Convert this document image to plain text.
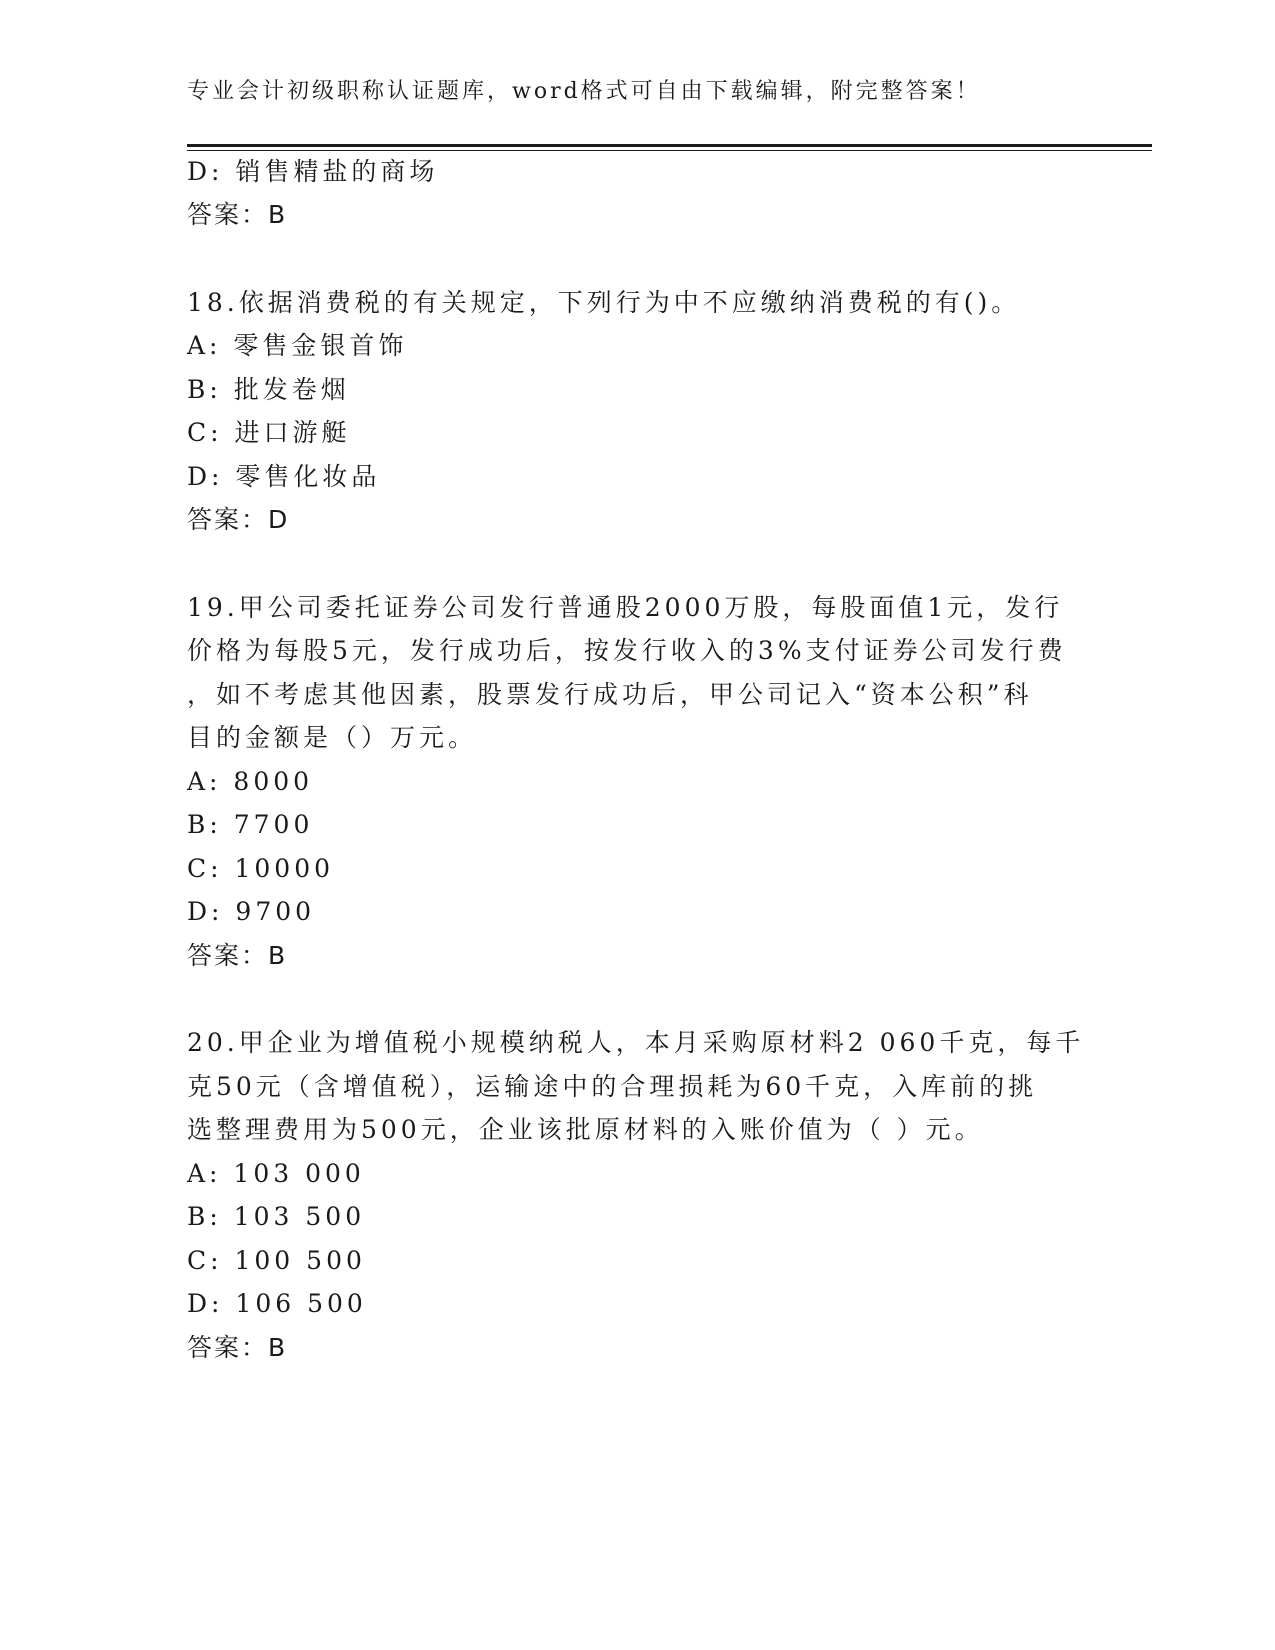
专业会计初级职称认证题库，word格式可自由下载编辑，附完整答案！
D: 销售精盐的商场
答案：B
18.依据消费税的有关规定，下列行为中不应缴纳消费税的有()。
A: 零售金银首饰
B: 批发卷烟
C: 进口游艇
D: 零售化妆品
答案：D
19.甲公司委托证券公司发行普通股2000万股，每股面值1元，发行
价格为每股5元，发行成功后，按发行收入的3%支付证券公司发行费
，如不考虑其他因素，股票发行成功后，甲公司记入“资本公积”科
目的金额是（）万元。
A: 8000
B: 7700
C: 10000
D: 9700
答案：B
20.甲企业为增值税小规模纳税人，本月采购原材料2 060千克，每千
克50元（含增值税），运输途中的合理损耗为60千克，入库前的挑
选整理费用为500元，企业该批原材料的入账价值为（ ）元。
A: 103 000
B: 103 500
C: 100 500
D: 106 500
答案：B
